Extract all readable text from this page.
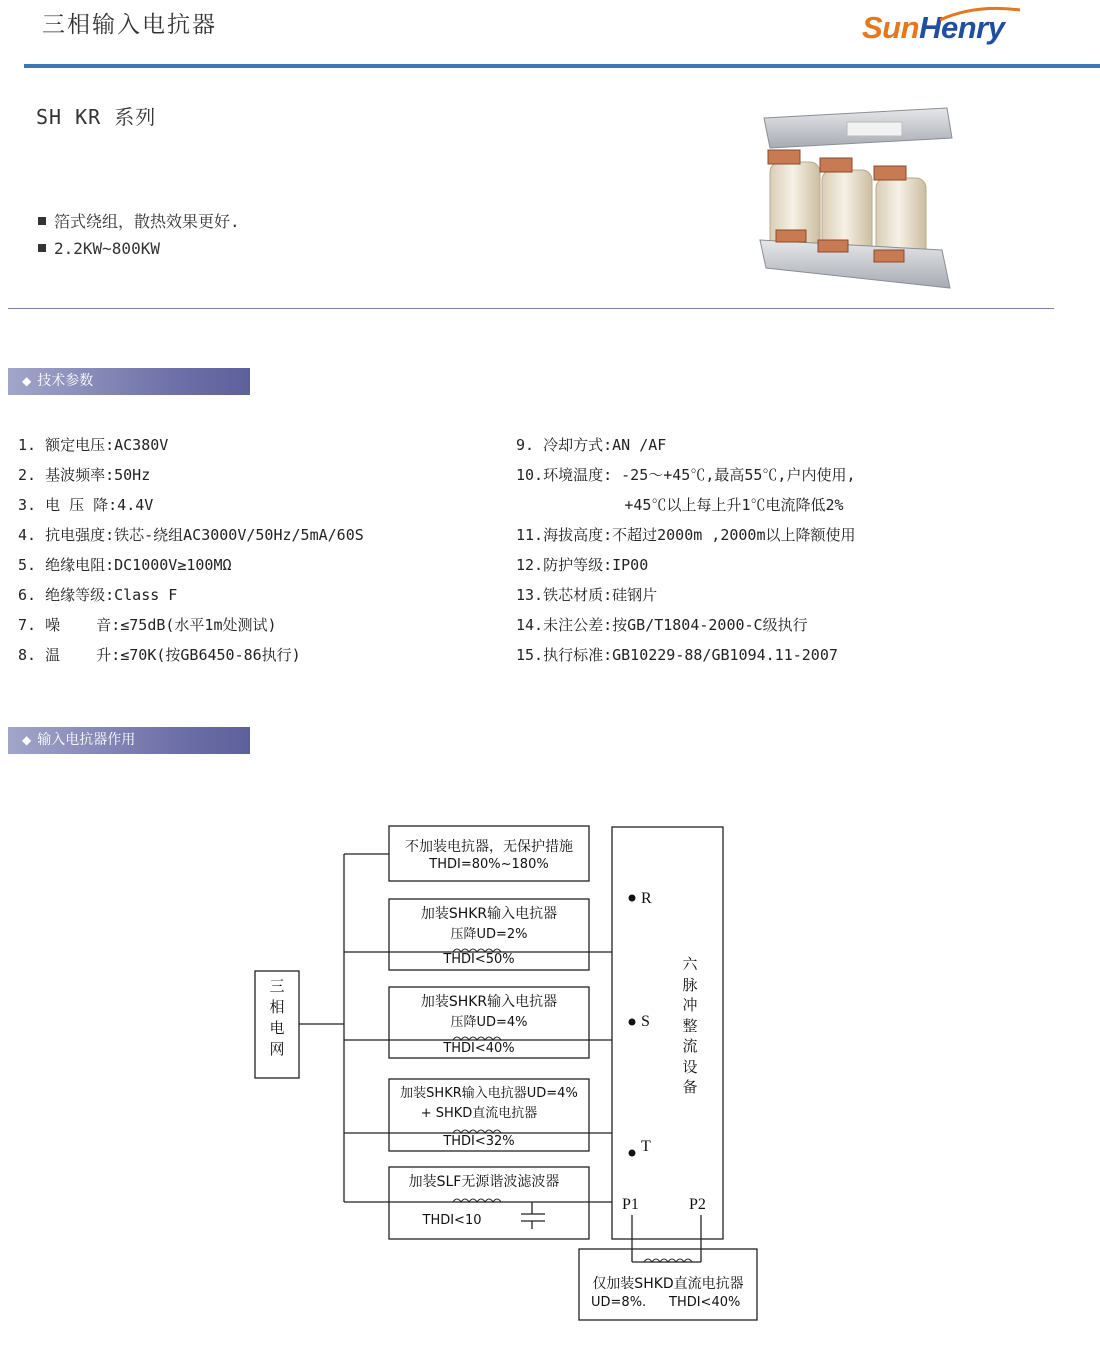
三相输入电抗器	SunHenry
SH KR 系列
箔式绕组，散热效果更好.
2.2KW~800KW
◆ 技术参数
1. 额定电压:AC380V
2. 基波频率:50Hz
3. 电 压 降:4.4V
4. 抗电强度:铁芯-绕组AC3000V/50Hz/5mA/60S
5. 绝缘电阻:DC1000V≥100MΩ
6. 绝缘等级:Class F
7. 噪    音:≤75dB(水平1m处测试)
8. 温    升:≤70K(按GB6450-86执行)
9. 冷却方式:AN /AF
10.环境温度: -25～+45℃,最高55℃,户内使用,
+45℃以上每上升1℃电流降低2%
11.海拔高度:不超过2000m ,2000m以上降额使用
12.防护等级:IP00
13.铁芯材质:硅钢片
14.未注公差:按GB/T1804-2000-C级执行
15.执行标准:GB10229-88/GB1094.11-2007
◆ 输入电抗器作用
三
相
电
网
六
脉
冲
整
流
设
备
R
S
T
P1	P2
不加装电抗器，无保护措施
THDI=80%~180%
加装SHKR输入电抗器
压降UD=2%
THDI<50%
加装SHKR输入电抗器
压降UD=4%
THDI<40%
加装SHKR输入电抗器UD=4%
+ SHKD直流电抗器
THDI<32%
加装SLF无源谐波滤波器
THDI<10
仅加装SHKD直流电抗器
UD=8%. THDI<40%
